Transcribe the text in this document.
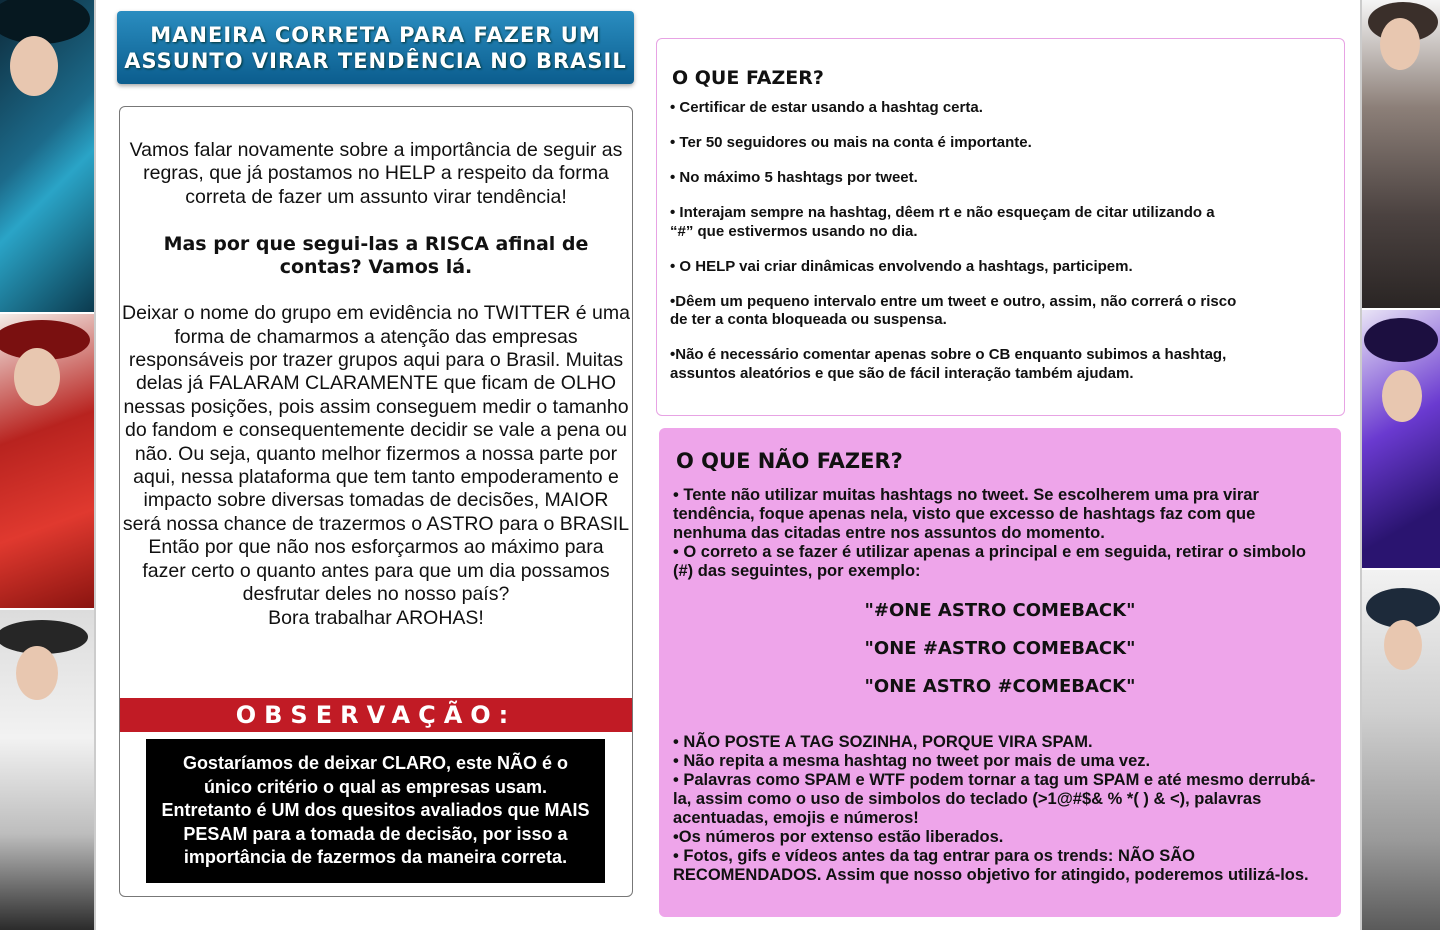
MANEIRA CORRETA PARA FAZER UM
ASSUNTO VIRAR TENDÊNCIA NO BRASIL

Vamos falar novamente sobre a importância de seguir as regras, que já postamos no HELP a respeito da forma correta de fazer um assunto virar tendência!

Mas por que segui-las a RISCA afinal de contas? Vamos lá.

Deixar o nome do grupo em evidência no TWITTER é uma forma de chamarmos a atenção das empresas responsáveis por trazer grupos aqui para o Brasil. Muitas delas já FALARAM CLARAMENTE que ficam de OLHO nessas posições, pois assim conseguem medir o tamanho do fandom e consequentemente decidir se vale a pena ou não. Ou seja, quanto melhor fizermos a nossa parte por aqui, nessa plataforma que tem tanto empoderamento e impacto sobre diversas tomadas de decisões, MAIOR será nossa chance de trazermos o ASTRO para o BRASIL

Então por que não nos esforçarmos ao máximo para fazer certo o quanto antes para que um dia possamos desfrutar deles no nosso país?

Bora trabalhar AROHAS!

OBSERVAÇÃO:
Gostaríamos de deixar CLARO, este NÃO é o único critério o qual as empresas usam. Entretanto é UM dos quesitos avaliados que MAIS PESAM para a tomada de decisão, por isso a importância de fazermos da maneira correta.
O QUE FAZER?
• Certificar de estar usando a hashtag certa.
• Ter 50 seguidores ou mais na conta é importante.
• No máximo 5 hashtags por tweet.
• Interajam sempre na hashtag, dêem rt e não esqueçam de citar utilizando a “#” que estivermos usando no dia.
• O HELP vai criar dinâmicas envolvendo a hashtags, participem.
•Dêem um pequeno intervalo entre um tweet e outro, assim, não correrá o risco de ter a conta bloqueada ou suspensa.
•Não é necessário comentar apenas sobre o CB enquanto subimos a hashtag, assuntos aleatórios e que são de fácil interação também ajudam.
O QUE NÃO FAZER?

• Tente não utilizar muitas hashtags no tweet. Se escolherem uma pra virar tendência, foque apenas nela, visto que excesso de hashtags faz com que nenhuma das citadas entre nos assuntos do momento.

• O correto a se fazer é utilizar apenas a principal e em seguida, retirar o simbolo (#) das seguintes, por exemplo:

"#ONE ASTRO COMEBACK"
"ONE #ASTRO COMEBACK"
"ONE ASTRO #COMEBACK"

• NÃO POSTE A TAG SOZINHA, PORQUE VIRA SPAM.

• Não repita a mesma hashtag no tweet por mais de uma vez.

• Palavras como SPAM e WTF podem tornar a tag um SPAM e até mesmo derrubá-la, assim como o uso de simbolos do teclado (>1@#$& % *( ) & <), palavras acentuadas, emojis e números!

•Os números por extenso estão liberados.

• Fotos, gifs e vídeos antes da tag entrar para os trends: NÃO SÃO RECOMENDADOS. Assim que nosso objetivo for atingido, poderemos utilizá-los.
